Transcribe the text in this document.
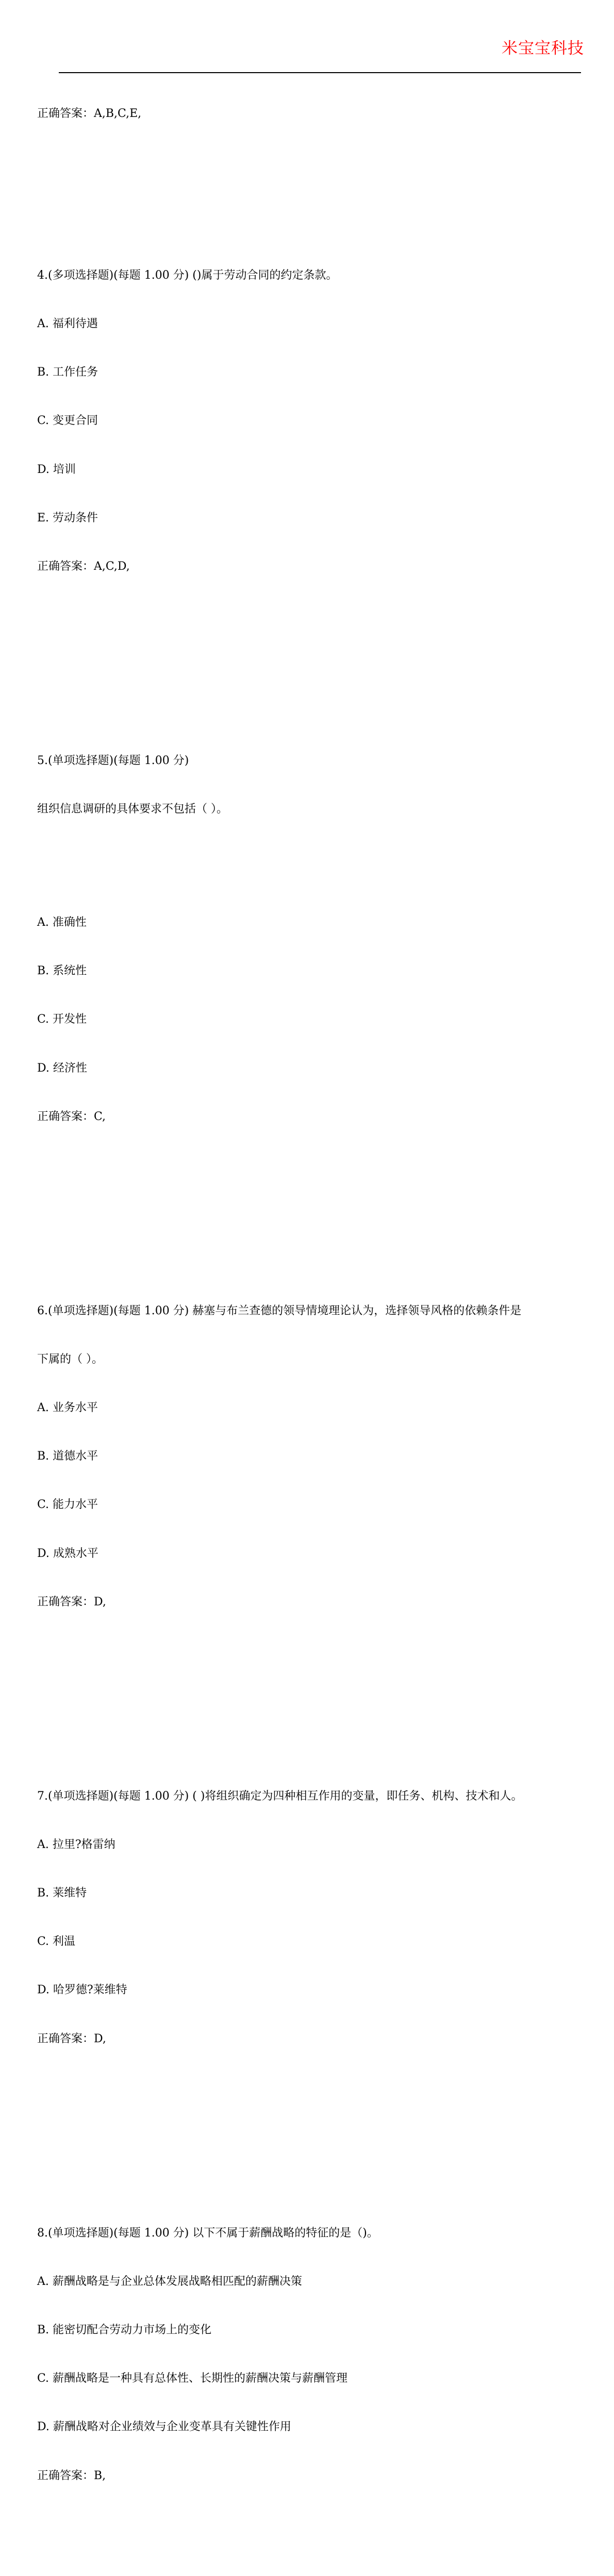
米宝宝科技

正确答案：A,B,C,E,

4.(多项选择题)(每题 1.00 分) ()属于劳动合同的约定条款。

A. 福利待遇

B. 工作任务

C. 变更合同

D. 培训

E. 劳动条件

正确答案：A,C,D,

5.(单项选择题)(每题 1.00 分)

组织信息调研的具体要求不包括（ ）。

A. 准确性

B. 系统性

C. 开发性

D. 经济性

正确答案：C,

6.(单项选择题)(每题 1.00 分) 赫塞与布兰查德的领导情境理论认为，选择领导风格的依赖条件是

下属的（ ）。

A. 业务水平

B. 道德水平

C. 能力水平

D. 成熟水平

正确答案：D,

7.(单项选择题)(每题 1.00 分) ( )将组织确定为四种相互作用的变量，即任务、机构、技术和人。

A. 拉里?格雷纳

B. 莱维特

C. 利温

D. 哈罗德?莱维特

正确答案：D,

8.(单项选择题)(每题 1.00 分) 以下不属于薪酬战略的特征的是（)。

A. 薪酬战略是与企业总体发展战略相匹配的薪酬决策

B. 能密切配合劳动力市场上的变化

C. 薪酬战略是一种具有总体性、长期性的薪酬决策与薪酬管理

D. 薪酬战略对企业绩效与企业变革具有关键性作用

正确答案：B,
